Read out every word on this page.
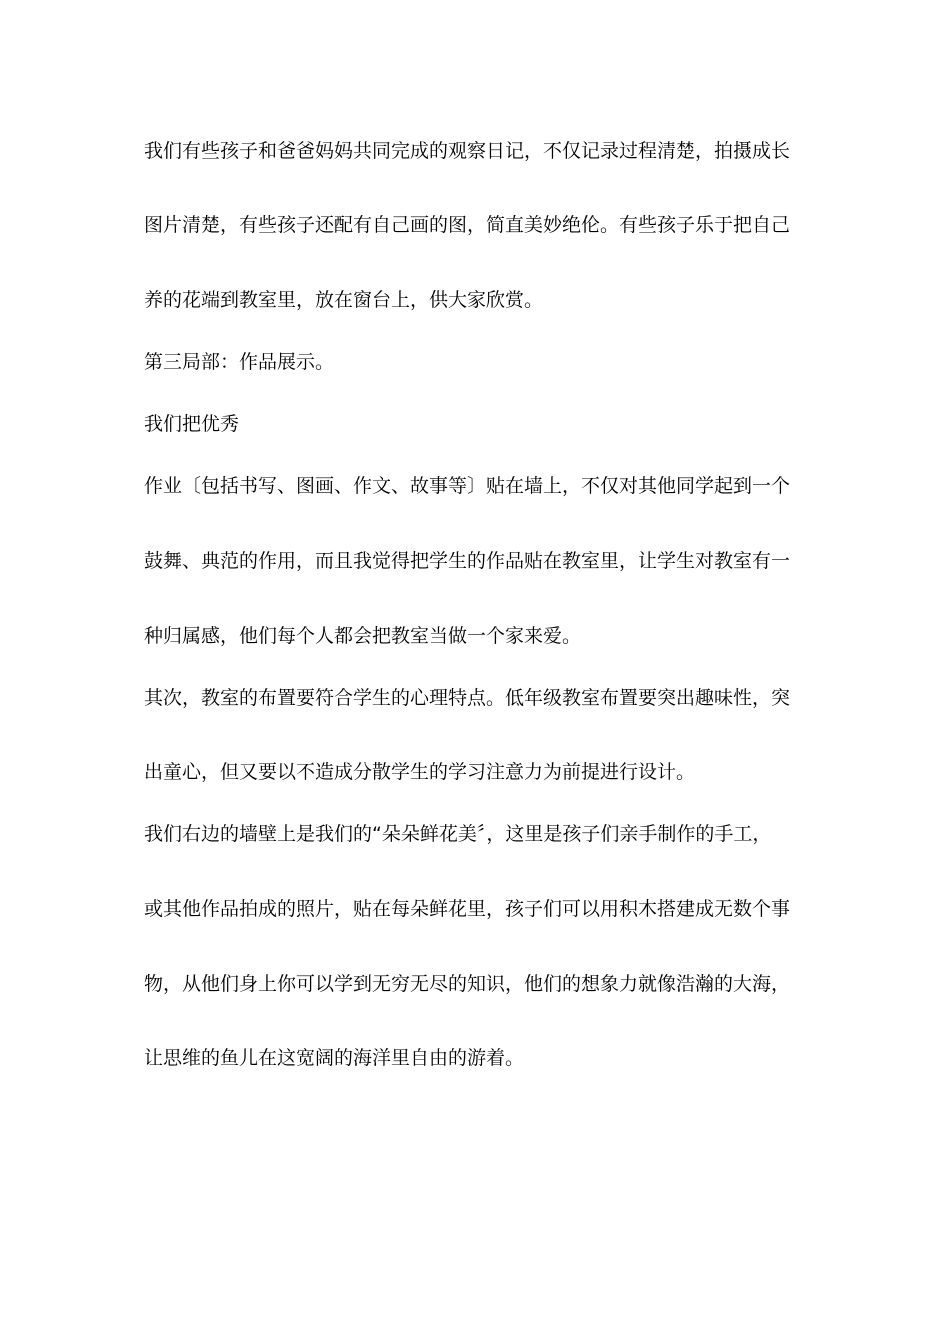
我们有些孩子和爸爸妈妈共同完成的观察日记，不仅记录过程清楚，拍摄成长
图片清楚，有些孩子还配有自己画的图，简直美妙绝伦。有些孩子乐于把自己
养的花端到教室里，放在窗台上，供大家欣赏。
第三局部：作品展示。
我们把优秀
作业〔包括书写、图画、作文、故事等〕贴在墙上，不仅对其他同学起到一个
鼓舞、典范的作用，而且我觉得把学生的作品贴在教室里，让学生对教室有一
种归属感，他们每个人都会把教室当做一个家来爱。
其次，教室的布置要符合学生的心理特点。低年级教室布置要突出趣味性，突
出童心，但又要以不造成分散学生的学习注意力为前提进行设计。
我们右边的墙壁上是我们的“朵朵鲜花美〞，这里是孩子们亲手制作的手工，
或其他作品拍成的照片，贴在每朵鲜花里，孩子们可以用积木搭建成无数个事
物，从他们身上你可以学到无穷无尽的知识，他们的想象力就像浩瀚的大海，
让思维的鱼儿在这宽阔的海洋里自由的游着。
